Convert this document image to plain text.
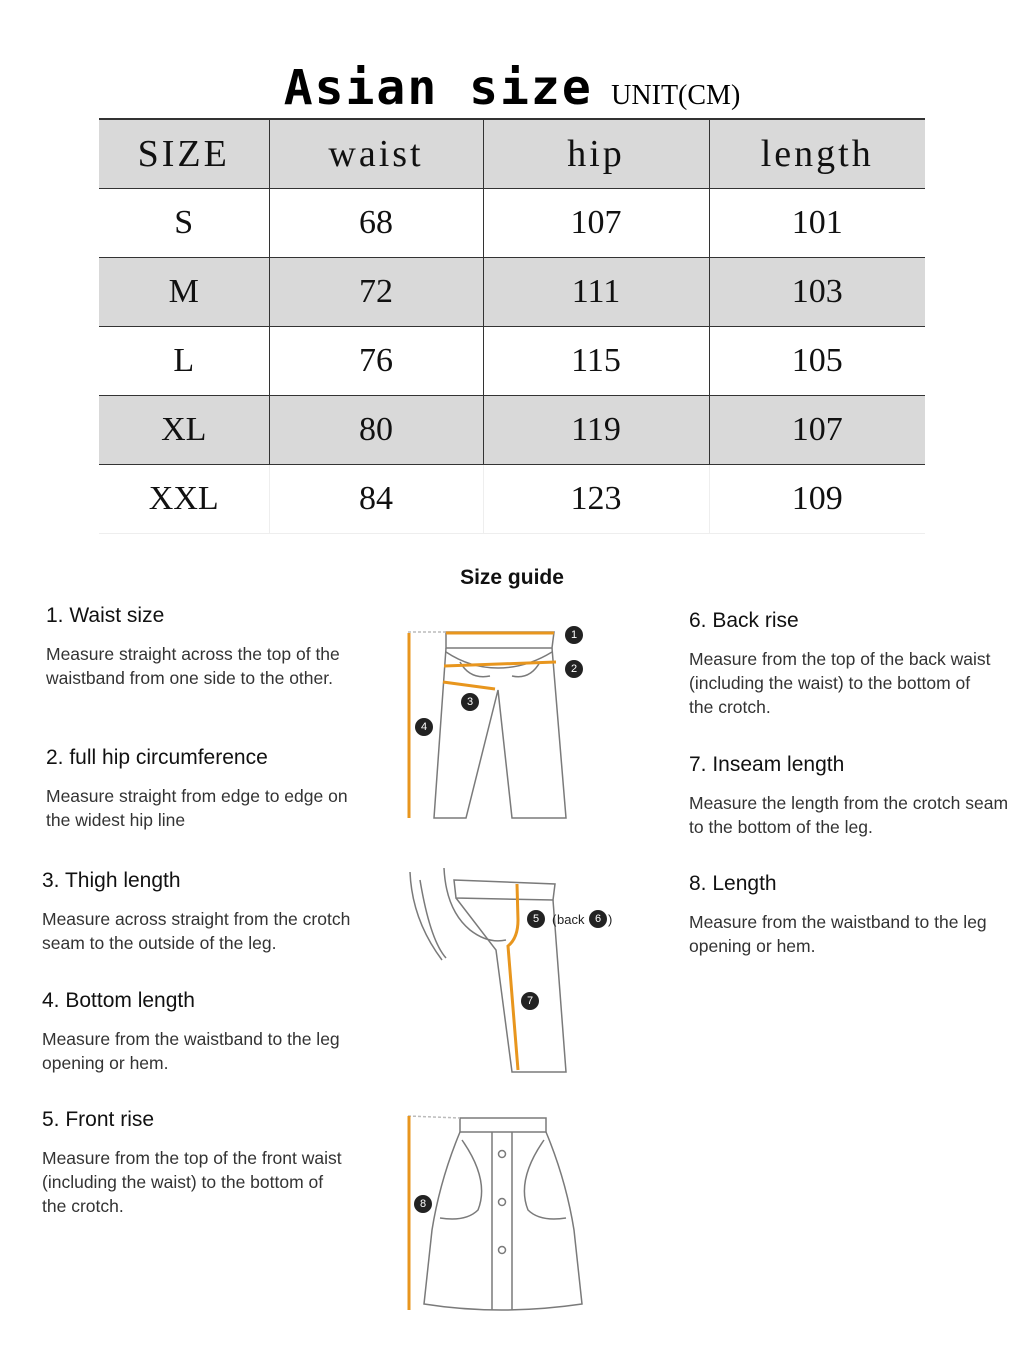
Asian size UNIT(CM)
SIZE	waist	hip	length
S	68	107	101
M	72	111	103
L	76	115	105
XL	80	119	107
XXL	84	123	109
Size guide
1. Waist size

Measure straight across the top of the waistband from one side to the other.

2. full hip circumference

Measure straight from edge to edge on the widest hip line

3. Thigh length

Measure across straight from the crotch seam to the outside of the leg.

4. Bottom length

Measure from the waistband to the leg opening or hem.

5. Front rise

Measure from the top of the front waist (including the waist) to the bottom of the crotch.

6. Back rise

Measure from the top of the back waist (including the waist) to the bottom of the crotch.

7. Inseam length

Measure the length from the crotch seam to the bottom of the leg.

8. Length

Measure from the waistband to the leg opening or hem.

1
2
3
4
5 ( back 6 )
7
8
